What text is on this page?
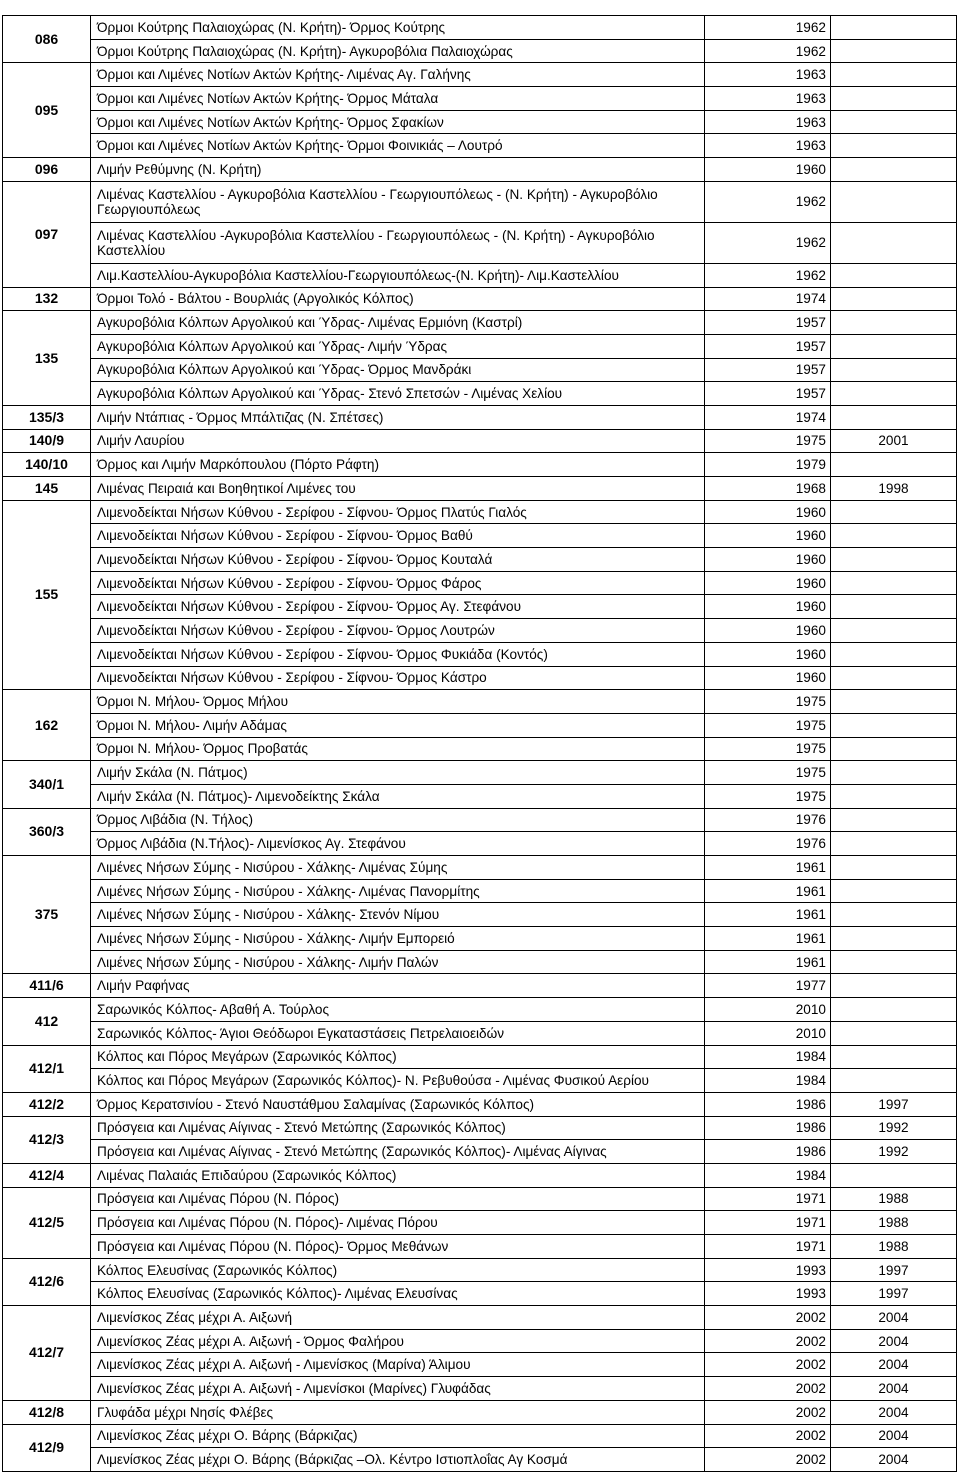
086	Όρμοι Κούτρης Παλαιοχώρας (Ν. Κρήτη)- Όρμος Κούτρης	1962	
	Όρμοι Κούτρης Παλαιοχώρας (Ν. Κρήτη)- Αγκυροβόλια Παλαιοχώρας	1962	
095	Όρμοι και Λιμένες Νοτίων Ακτών Κρήτης- Λιμένας Αγ. Γαλήνης	1963	
	Όρμοι και Λιμένες Νοτίων Ακτών Κρήτης- Όρμος Μάταλα	1963	
	Όρμοι και Λιμένες Νοτίων Ακτών Κρήτης- Όρμος Σφακίων	1963	
	Όρμοι και Λιμένες Νοτίων Ακτών Κρήτης- Όρμοι Φοινικιάς – Λουτρό	1963	
096	Λιμήν Ρεθύμνης (Ν. Κρήτη)	1960	
097	Λιμένας Καστελλίου - Αγκυροβόλια Καστελλίου - Γεωργιουπόλεως - (Ν. Κρήτη) - Αγκυροβόλιο Γεωργιουπόλεως	1962	
	Λιμένας Καστελλίου -Αγκυροβόλια Καστελλίου - Γεωργιουπόλεως - (Ν. Κρήτη) - Αγκυροβόλιο Καστελλίου	1962	
	Λιμ.Καστελλίου-Αγκυροβόλια Καστελλίου-Γεωργιουπόλεως-(Ν. Κρήτη)- Λιμ.Καστελλίου	1962	
132	Όρμοι Τολό - Βάλτου - Βουρλιάς (Αργολικός Κόλπος)	1974	
135	Αγκυροβόλια Κόλπων Αργολικού και Ύδρας- Λιμένας Ερμιόνη (Καστρί)	1957	
	Αγκυροβόλια Κόλπων Αργολικού και Ύδρας- Λιμήν Ύδρας	1957	
	Αγκυροβόλια Κόλπων Αργολικού και Ύδρας- Όρμος Μανδράκι	1957	
	Αγκυροβόλια Κόλπων Αργολικού και Ύδρας- Στενό Σπετσών - Λιμένας Χελίου	1957	
135/3	Λιμήν Ντάπιας - Όρμος Μπάλτιζας (Ν. Σπέτσες)	1974	
140/9	Λιμήν Λαυρίου	1975	2001
140/10	Όρμος και Λιμήν Μαρκόπουλου (Πόρτο Ράφτη)	1979	
145	Λιμένας Πειραιά και Βοηθητικοί Λιμένες του	1968	1998
155	Λιμενοδείκται Νήσων Κύθνου - Σερίφου - Σίφνου- Όρμος Πλατύς Γιαλός	1960	
	Λιμενοδείκται Νήσων Κύθνου - Σερίφου - Σίφνου- Όρμος Βαθύ	1960	
	Λιμενοδείκται Νήσων Κύθνου - Σερίφου - Σίφνου- Όρμος Κουταλά	1960	
	Λιμενοδείκται Νήσων Κύθνου - Σερίφου - Σίφνου- Όρμος Φάρος	1960	
	Λιμενοδείκται Νήσων Κύθνου - Σερίφου - Σίφνου- Όρμος Αγ. Στεφάνου	1960	
	Λιμενοδείκται Νήσων Κύθνου - Σερίφου - Σίφνου- Όρμος Λουτρών	1960	
	Λιμενοδείκται Νήσων Κύθνου - Σερίφου - Σίφνου- Όρμος Φυκιάδα (Κοντός)	1960	
	Λιμενοδείκται Νήσων Κύθνου - Σερίφου - Σίφνου- Όρμος Κάστρο	1960	
162	Όρμοι Ν. Μήλου- Όρμος Μήλου	1975	
	Όρμοι Ν. Μήλου- Λιμήν Αδάμας	1975	
	Όρμοι Ν. Μήλου- Όρμος Προβατάς	1975	
340/1	Λιμήν Σκάλα (Ν. Πάτμος)	1975	
	Λιμήν Σκάλα (Ν. Πάτμος)- Λιμενοδείκτης Σκάλα	1975	
360/3	Όρμος Λιβάδια (Ν. Τήλος)	1976	
	Όρμος Λιβάδια (Ν.Τήλος)- Λιμενίσκος Αγ. Στεφάνου	1976	
375	Λιμένες Νήσων Σύμης - Νισύρου - Χάλκης- Λιμένας Σύμης	1961	
	Λιμένες Νήσων Σύμης - Νισύρου - Χάλκης- Λιμένας Πανορμίτης	1961	
	Λιμένες Νήσων Σύμης - Νισύρου - Χάλκης- Στενόν Νίμου	1961	
	Λιμένες Νήσων Σύμης - Νισύρου - Χάλκης- Λιμήν Εμπορειό	1961	
	Λιμένες Νήσων Σύμης - Νισύρου - Χάλκης- Λιμήν Παλών	1961	
411/6	Λιμήν Ραφήνας	1977	
412	Σαρωνικός Κόλπος- Αβαθή Α. Τούρλος	2010	
	Σαρωνικός Κόλπος- Άγιοι Θεόδωροι Εγκαταστάσεις Πετρελαιοειδών	2010	
412/1	Κόλπος και Πόρος Μεγάρων (Σαρωνικός Κόλπος)	1984	
	Κόλπος και Πόρος Μεγάρων (Σαρωνικός Κόλπος)- Ν. Ρεβυθούσα - Λιμένας Φυσικού Αερίου	1984	
412/2	Όρμος Κερατσινίου - Στενό Ναυστάθμου Σαλαμίνας (Σαρωνικός Κόλπος)	1986	1997
412/3	Πρόσγεια και Λιμένας Αίγινας - Στενό Μετώπης (Σαρωνικός Κόλπος)	1986	1992
	Πρόσγεια και Λιμένας Αίγινας - Στενό Μετώπης (Σαρωνικός Κόλπος)- Λιμένας Αίγινας	1986	1992
412/4	Λιμένας Παλαιάς Επιδαύρου (Σαρωνικός Κόλπος)	1984	
412/5	Πρόσγεια και Λιμένας Πόρου (Ν. Πόρος)	1971	1988
	Πρόσγεια και Λιμένας Πόρου (Ν. Πόρος)- Λιμένας Πόρου	1971	1988
	Πρόσγεια και Λιμένας Πόρου (Ν. Πόρος)- Όρμος Μεθάνων	1971	1988
412/6	Κόλπος Ελευσίνας (Σαρωνικός Κόλπος)	1993	1997
	Κόλπος Ελευσίνας (Σαρωνικός Κόλπος)- Λιμένας Ελευσίνας	1993	1997
412/7	Λιμενίσκος Ζέας μέχρι Α. Αιξωνή	2002	2004
	Λιμενίσκος Ζέας μέχρι Α. Αιξωνή - Όρμος Φαλήρου	2002	2004
	Λιμενίσκος Ζέας μέχρι Α. Αιξωνή - Λιμενίσκος (Μαρίνα) Άλιμου	2002	2004
	Λιμενίσκος Ζέας μέχρι Α. Αιξωνή - Λιμενίσκοι (Μαρίνες) Γλυφάδας	2002	2004
412/8	Γλυφάδα μέχρι Νησίς Φλέβες	2002	2004
412/9	Λιμενίσκος Ζέας μέχρι Ο. Βάρης (Βάρκιζας)	2002	2004
	Λιμενίσκος Ζέας μέχρι Ο. Βάρης (Βάρκιζας –Ολ. Κέντρο Ιστιοπλοΐας Αγ Κοσμά	2002	2004
